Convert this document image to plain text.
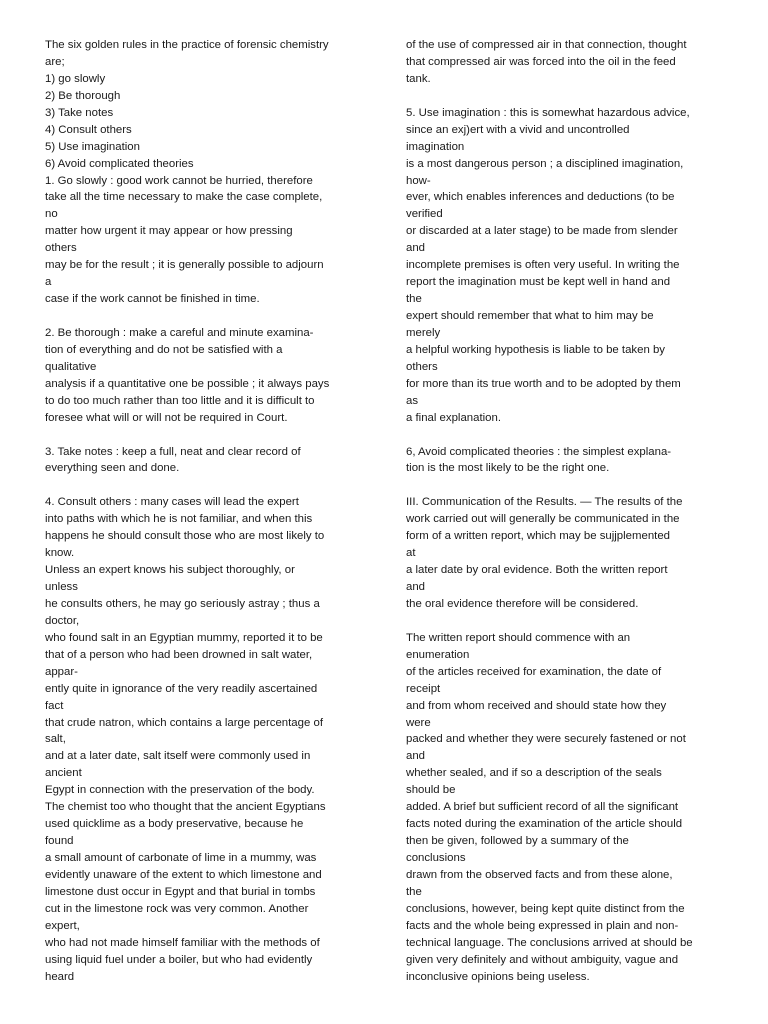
The six golden rules in the practice of forensic chemistry
are;
1) go slowly
2) Be thorough
3) Take notes
4) Consult others
5) Use imagination
6) Avoid complicated theories
1. Go slowly : good work cannot be hurried, therefore
take all the time necessary to make the case complete,
no
matter how urgent it may appear or how pressing
others
may be for the result ; it is generally possible to adjourn
a
case if the work cannot be finished in time.
2. Be thorough : make a careful and minute examina-
tion of everything and do not be satisfied with a
qualitative
analysis if a quantitative one be possible ; it always pays
to do too much rather than too little and it is difficult to
foresee what will or will not be required in Court.
3. Take notes : keep a full, neat and clear record of
everything seen and done.
4. Consult others : many cases will lead the expert
into paths with which he is not familiar, and when this
happens he should consult those who are most likely to
know.
Unless an expert knows his subject thoroughly, or
unless
he consults others, he may go seriously astray ; thus a
doctor,
who found salt in an Egyptian mummy, reported it to be
that of a person who had been drowned in salt water,
appar-
ently quite in ignorance of the very readily ascertained
fact
that crude natron, which contains a large percentage of
salt,
and at a later date, salt itself were commonly used in
ancient
Egypt in connection with the preservation of the body.
The chemist too who thought that the ancient Egyptians
used quicklime as a body preservative, because he
found
a small amount of carbonate of lime in a mummy, was
evidently unaware of the extent to which limestone and
limestone dust occur in Egypt and that burial in tombs
cut in the limestone rock was very common. Another
expert,
who had not made himself familiar with the methods of
using liquid fuel under a boiler, but who had evidently
heard
of the use of compressed air in that connection, thought
that compressed air was forced into the oil in the feed
tank.
5. Use imagination : this is somewhat hazardous advice,
since an exj)ert with a vivid and uncontrolled
imagination
is a most dangerous person ; a disciplined imagination,
how-
ever, which enables inferences and deductions (to be
verified
or discarded at a later stage) to be made from slender
and
incomplete premises is often very useful. In writing the
report the imagination must be kept well in hand and
the
expert should remember that what to him may be
merely
a helpful working hypothesis is liable to be taken by
others
for more than its true worth and to be adopted by them
as
a final explanation.
6, Avoid complicated theories : the simplest explana-
tion is the most likely to be the right one.
III. Communication of the Results. — The results of the
work carried out will generally be communicated in the
form of a written report, which may be sujjplemented
at
a later date by oral evidence. Both the written report
and
the oral evidence therefore will be considered.
The written report should commence with an
enumeration
of the articles received for examination, the date of
receipt
and from whom received and should state how they
were
packed and whether they were securely fastened or not
and
whether sealed, and if so a description of the seals
should be
added. A brief but sufficient record of all the significant
facts noted during the examination of the article should
then be given, followed by a summary of the
conclusions
drawn from the observed facts and from these alone,
the
conclusions, however, being kept quite distinct from the
facts and the whole being expressed in plain and non-
technical language. The conclusions arrived at should be
given very definitely and without ambiguity, vague and
inconclusive opinions being useless.
